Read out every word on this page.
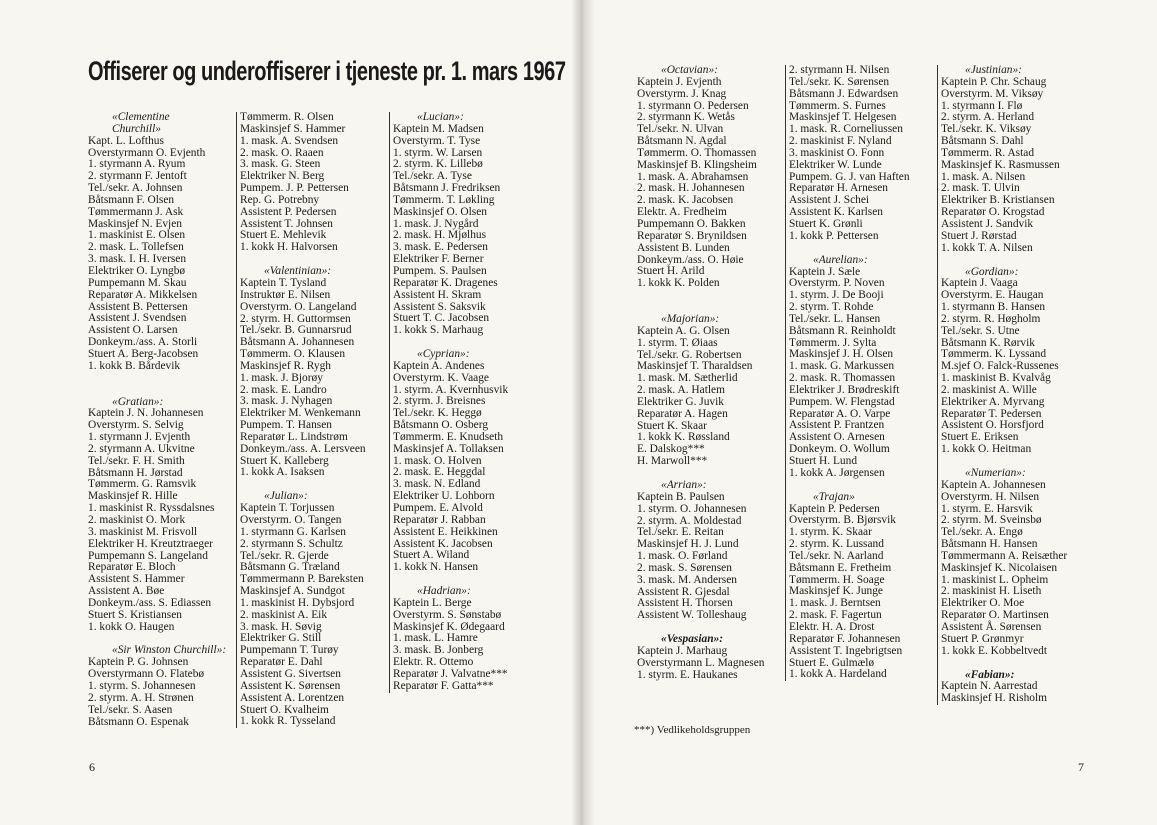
Offiserer og underoffiserer i tjeneste pr. 1. mars 1967
«Clementine
Churchill»
Kapt. L. Lofthus
Overstyrmann O. Evjenth
1. styrmann A. Ryum
2. styrmann F. Jentoft
Tel./sekr. A. Johnsen
Båtsmann F. Olsen
Tømmermann J. Ask
Maskinsjef N. Evjen
1. maskinist E. Olsen
2. mask. L. Tollefsen
3. mask. I. H. Iversen
Elektriker O. Lyngbø
Pumpemann M. Skau
Reparatør A. Mikkelsen
Assistent B. Pettersen
Assistent J. Svendsen
Assistent O. Larsen
Donkeym./ass. A. Storli
Stuert A. Berg-Jacobsen
1. kokk B. Bårdevik
«Gratian»:
Kaptein J. N. Johannesen
Overstyrm. S. Selvig
1. styrmann J. Evjenth
2. styrmann A. Ukvitne
Tel./sekr. F. H. Smith
Båtsmann H. Jørstad
Tømmerm. G. Ramsvik
Maskinsjef R. Hille
1. maskinist R. Ryssdalsnes
2. maskinist O. Mork
3. maskinist M. Frisvoll
Elektriker H. Kreutztraeger
Pumpemann S. Langeland
Reparatør E. Bloch
Assistent S. Hammer
Assistent A. Bøe
Donkeym./ass. S. Ediassen
Stuert S. Kristiansen
1. kokk O. Haugen
«Sir Winston Churchill»:
Kaptein P. G. Johnsen
Overstyrmann O. Flatebø
1. styrm. S. Johannesen
2. styrm. A. H. Strønen
Tel./sekr. S. Aasen
Båtsmann O. Espenak
Tømmerm. R. Olsen
Maskinsjef S. Hammer
1. mask. A. Svendsen
2. mask. O. Raaen
3. mask. G. Steen
Elektriker N. Berg
Pumpem. J. P. Pettersen
Rep. G. Potrebny
Assistent P. Pedersen
Assistent T. Johnsen
Stuert E. Mehlevik
1. kokk H. Halvorsen
«Valentinian»:
Kaptein T. Tysland
Instruktør E. Nilsen
Overstyrm. O. Langeland
2. styrm. H. Guttormsen
Tel./sekr. B. Gunnarsrud
Båtsmann A. Johannesen
Tømmerm. O. Klausen
Maskinsjef R. Rygh
1. mask. J. Bjorøy
2. mask. E. Landro
3. mask. J. Nyhagen
Elektriker M. Wenkemann
Pumpem. T. Hansen
Reparatør L. Lindstrøm
Donkeym./ass. A. Lersveen
Stuert K. Kalleberg
1. kokk A. Isaksen
«Julian»:
Kaptein T. Torjussen
Overstyrm. O. Tangen
1. styrmann G. Karlsen
2. styrmann S. Schultz
Tel./sekr. R. Gjerde
Båtsmann G. Træland
Tømmermann P. Bareksten
Maskinsjef A. Sundgot
1. maskinist H. Dybsjord
2. maskinist A. Eik
3. mask. H. Søvig
Elektriker G. Still
Pumpemann T. Turøy
Reparatør E. Dahl
Assistent G. Sivertsen
Assistent K. Sørensen
Assistent A. Lorentzen
Stuert O. Kvalheim
1. kokk R. Tysseland
«Lucian»:
Kaptein M. Madsen
Overstyrm. T. Tyse
1. styrm. W. Larsen
2. styrm. K. Lillebø
Tel./sekr. A. Tyse
Båtsmann J. Fredriksen
Tømmerm. T. Løkling
Maskinsjef O. Olsen
1. mask. J. Nygård
2. mask. H. Mjølhus
3. mask. E. Pedersen
Elektriker F. Berner
Pumpem. S. Paulsen
Reparatør K. Dragenes
Assistent H. Skram
Assistent S. Saksvik
Stuert T. C. Jacobsen
1. kokk S. Marhaug
«Cyprian»:
Kaptein A. Andenes
Overstyrm. K. Vaage
1. styrm. A. Kvernhusvik
2. styrm. J. Breisnes
Tel./sekr. K. Heggø
Båtsmann O. Osberg
Tømmerm. E. Knudseth
Maskinsjef A. Tollaksen
1. mask. O. Holven
2. mask. E. Heggdal
3. mask. N. Edland
Elektriker U. Lohborn
Pumpem. E. Alvold
Reparatør J. Rabban
Assistent E. Heikkinen
Assistent K. Jacobsen
Stuert A. Wiland
1. kokk N. Hansen
«Hadrian»:
Kaptein L. Berge
Overstyrm. S. Sønstabø
Maskinsjef K. Ødegaard
1. mask. L. Hamre
3. mask. B. Jonberg
Elektr. R. Ottemo
Reparatør J. Valvatne***
Reparatør F. Gatta***
«Octavian»:
Kaptein J. Evjenth
Overstyrm. J. Knag
1. styrmann O. Pedersen
2. styrmann K. Wetås
Tel./sekr. N. Ulvan
Båtsmann N. Agdal
Tømmerm. O. Thomassen
Maskinsjef B. Klingsheim
1. mask. A. Abrahamsen
2. mask. H. Johannesen
2. mask. K. Jacobsen
Elektr. A. Fredheim
Pumpemann O. Bakken
Reparatør S. Brynildsen
Assistent B. Lunden
Donkeym./ass. O. Høie
Stuert H. Arild
1. kokk K. Polden
«Majorian»:
Kaptein A. G. Olsen
1. styrm. T. Øiaas
Tel./sekr. G. Robertsen
Maskinsjef T. Tharaldsen
1. mask. M. Sætherlid
2. mask. A. Hatlem
Elektriker G. Juvik
Reparatør A. Hagen
Stuert K. Skaar
1. kokk K. Røssland
E. Dalskog***
H. Marwoll***
«Arrian»:
Kaptein B. Paulsen
1. styrm. O. Johannesen
2. styrm. A. Moldestad
Tel./sekr. E. Reitan
Maskinsjef H. J. Lund
1. mask. O. Førland
2. mask. S. Sørensen
3. mask. M. Andersen
Assistent R. Gjesdal
Assistent H. Thorsen
Assistent W. Tolleshaug
«Vespasian»:
Kaptein J. Marhaug
Overstyrmann L. Magnesen
1. styrm. E. Haukanes
2. styrmann H. Nilsen
Tel./sekr. K. Sørensen
Båtsmann J. Edwardsen
Tømmerm. S. Furnes
Maskinsjef T. Helgesen
1. mask. R. Corneliussen
2. maskinist F. Nyland
3. maskinist O. Fonn
Elektriker W. Lunde
Pumpem. G. J. van Haften
Reparatør H. Arnesen
Assistent J. Schei
Assistent K. Karlsen
Stuert K. Grønli
1. kokk P. Pettersen
«Aurelian»:
Kaptein J. Sæle
Overstyrm. P. Noven
1. styrm. J. De Booji
2. styrm. T. Rohde
Tel./sekr. L. Hansen
Båtsmann R. Reinholdt
Tømmerm. J. Sylta
Maskinsjef J. H. Olsen
1. mask. G. Markussen
2. mask. R. Thomassen
Elektriker J. Brødreskift
Pumpem. W. Flengstad
Reparatør A. O. Varpe
Assistent P. Frantzen
Assistent O. Arnesen
Donkeym. O. Wollum
Stuert H. Lund
1. kokk A. Jørgensen
«Trajan»
Kaptein P. Pedersen
Overstyrm. B. Bjørsvik
1. styrm. K. Skaar
2. styrm. K. Lussand
Tel./sekr. N. Aarland
Båtsmann E. Fretheim
Tømmerm. H. Soage
Maskinsjef K. Junge
1. mask. J. Berntsen
2. mask. F. Fagertun
Elektr. H. A. Drost
Reparatør F. Johannesen
Assistent T. Ingebrigtsen
Stuert E. Gulmælø
1. kokk A. Hardeland
«Justinian»:
Kaptein P. Chr. Schaug
Overstyrm. M. Viksøy
1. styrmann I. Flø
2. styrm. A. Herland
Tel./sekr. K. Viksøy
Båtsmann S. Dahl
Tømmerm. R. Astad
Maskinsjef K. Rasmussen
1. mask. A. Nilsen
2. mask. T. Ulvin
Elektriker B. Kristiansen
Reparatør O. Krogstad
Assistent J. Sandvik
Stuert J. Rørstad
1. kokk T. A. Nilsen
«Gordian»:
Kaptein J. Vaaga
Overstyrm. E. Haugan
1. styrmann B. Hansen
2. styrm. R. Høgholm
Tel./sekr. S. Utne
Båtsmann K. Rørvik
Tømmerm. K. Lyssand
M.sjef O. Falck-Russenes
1. maskinist B. Kvalvåg
2. maskinist A. Wille
Elektriker A. Myrvang
Reparatør T. Pedersen
Assistent O. Horsfjord
Stuert E. Eriksen
1. kokk O. Heitman
«Numerian»:
Kaptein A. Johannesen
Overstyrm. H. Nilsen
1. styrm. E. Harsvik
2. styrm. M. Sveinsbø
Tel./sekr. A. Engø
Båtsmann H. Hansen
Tømmermann A. Reisæther
Maskinsjef K. Nicolaisen
1. maskinist L. Opheim
2. maskinist H. Liseth
Elektriker O. Moe
Reparatør O. Martinsen
Assistent Å. Sørensen
Stuert P. Grønmyr
1. kokk E. Kobbeltvedt
«Fabian»:
Kaptein N. Aarrestad
Maskinsjef H. Risholm
***) Vedlikeholdsgruppen
6	7
